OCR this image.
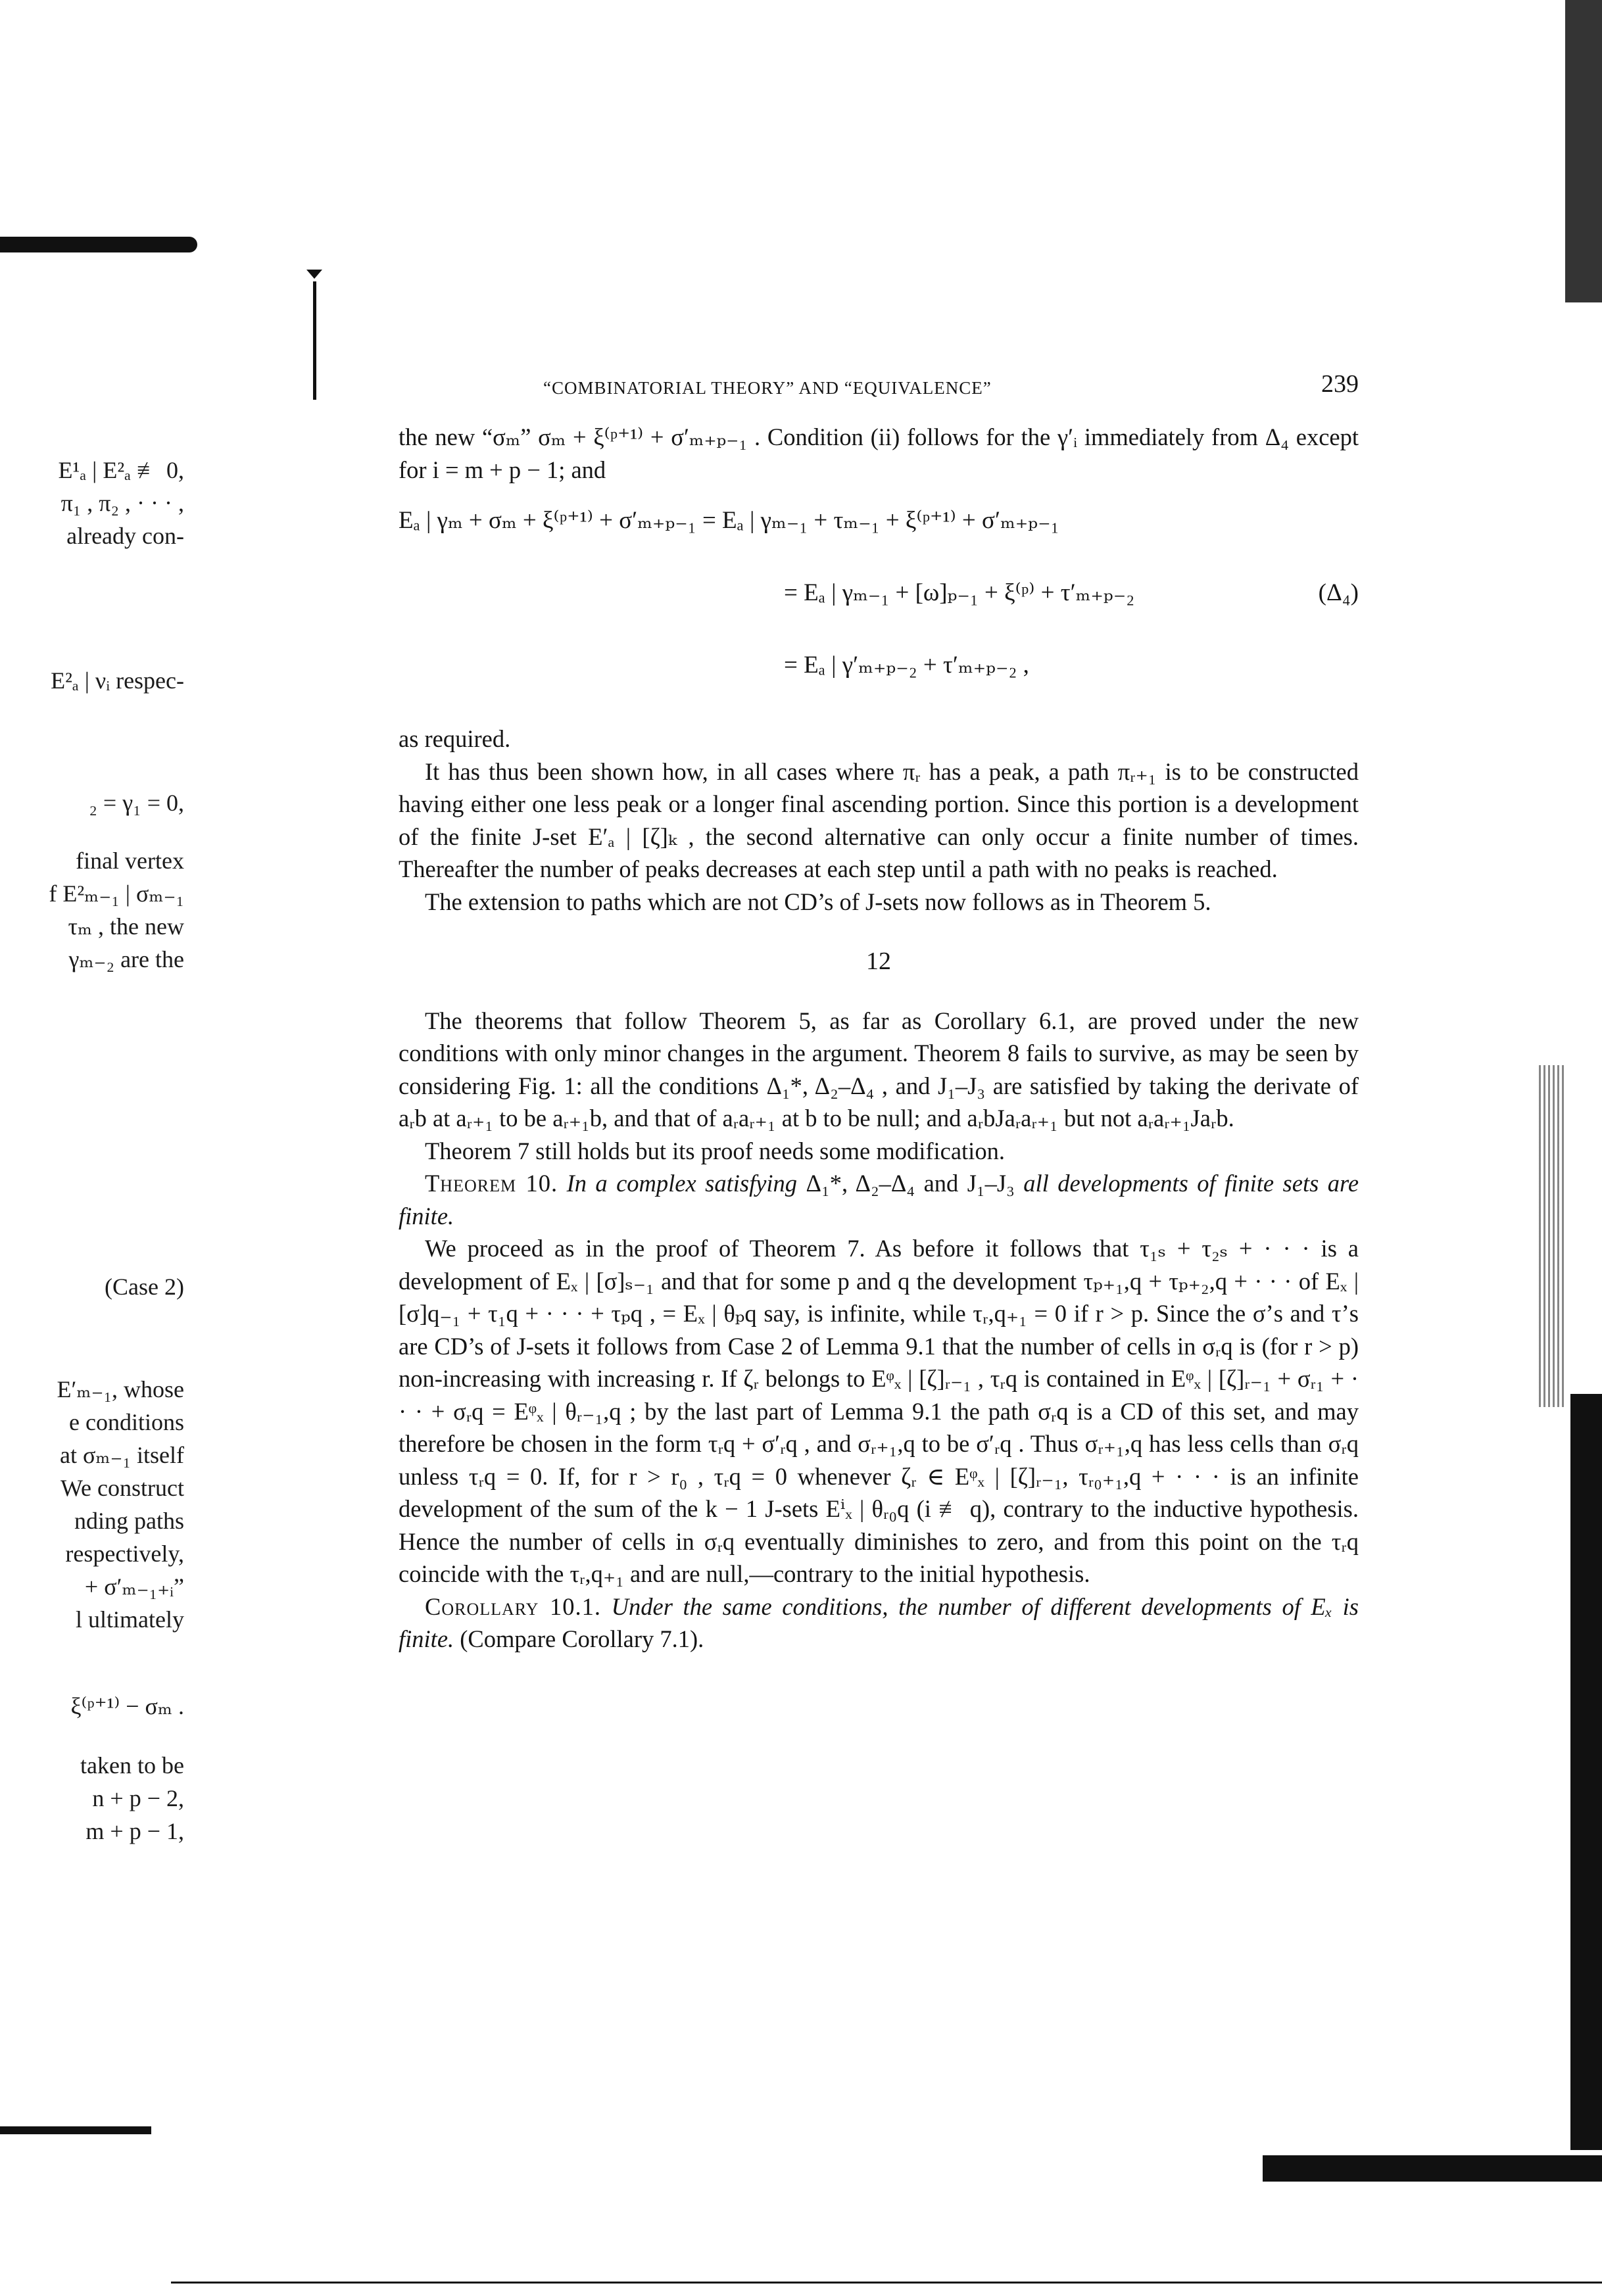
E¹ₐ | E²ₐ ≢ 0,
π₁ , π₂ , · · · ,
already con-
E²ₐ | νᵢ respec-
₂ = γ₁ = 0,
final vertex
f E²ₘ₋₁ | σₘ₋₁
τₘ , the new
γₘ₋₂ are the
(Case 2)
E′ₘ₋₁, whose
e conditions
at σₘ₋₁ itself
We construct
nding paths
respectively,
+ σ′ₘ₋₁₊ᵢ”
l ultimately
ξ⁽ᵖ⁺¹⁾ − σₘ .
taken to be
n + p − 2,
m + p − 1,
“COMBINATORIAL THEORY” AND “EQUIVALENCE”	239

the new “σₘ” σₘ + ξ⁽ᵖ⁺¹⁾ + σ′ₘ₊ₚ₋₁ . Condition (ii) follows for the γ′ᵢ immediately from Δ₄ except for i = m + p − 1; and

Eₐ | γₘ + σₘ + ξ⁽ᵖ⁺¹⁾ + σ′ₘ₊ₚ₋₁ = Eₐ | γₘ₋₁ + τₘ₋₁ + ξ⁽ᵖ⁺¹⁾ + σ′ₘ₊ₚ₋₁
= Eₐ | γₘ₋₁ + [ω]ₚ₋₁ + ξ⁽ᵖ⁾ + τ′ₘ₊ₚ₋₂	(Δ₄)
= Eₐ | γ′ₘ₊ₚ₋₂ + τ′ₘ₊ₚ₋₂ ,

as required.

It has thus been shown how, in all cases where πᵣ has a peak, a path πᵣ₊₁ is to be constructed having either one less peak or a longer final ascending portion. Since this portion is a development of the finite J-set E′ₐ | [ζ]ₖ , the second alternative can only occur a finite number of times. Thereafter the number of peaks decreases at each step until a path with no peaks is reached.

The extension to paths which are not CD’s of J-sets now follows as in Theorem 5.

12

The theorems that follow Theorem 5, as far as Corollary 6.1, are proved under the new conditions with only minor changes in the argument. Theorem 8 fails to survive, as may be seen by considering Fig. 1: all the conditions Δ₁*, Δ₂–Δ₄ , and J₁–J₃ are satisfied by taking the derivate of aᵣb at aᵣ₊₁ to be aᵣ₊₁b, and that of aᵣaᵣ₊₁ at b to be null; and aᵣbJaᵣaᵣ₊₁ but not aᵣaᵣ₊₁Jaᵣb.

Theorem 7 still holds but its proof needs some modification.

Theorem 10. In a complex satisfying Δ₁*, Δ₂–Δ₄ and J₁–J₃ all developments of finite sets are finite.

We proceed as in the proof of Theorem 7. As before it follows that τ₁ₛ + τ₂ₛ + · · · is a development of Eₓ | [σ]ₛ₋₁ and that for some p and q the development τₚ₊₁,q + τₚ₊₂,q + · · · of Eₓ | [σ]q₋₁ + τ₁q + · · · + τₚq , = Eₓ | θₚq say, is infinite, while τᵣ,q₊₁ = 0 if r > p. Since the σ’s and τ’s are CD’s of J-sets it follows from Case 2 of Lemma 9.1 that the number of cells in σᵣq is (for r > p) non-increasing with increasing r. If ζᵣ belongs to Eᵠₓ | [ζ]ᵣ₋₁ , τᵣq is contained in Eᵠₓ | [ζ]ᵣ₋₁ + σᵣ₁ + · · · + σᵣq = Eᵠₓ | θᵣ₋₁,q ; by the last part of Lemma 9.1 the path σᵣq is a CD of this set, and may therefore be chosen in the form τᵣq + σ′ᵣq , and σᵣ₊₁,q to be σ′ᵣq . Thus σᵣ₊₁,q has less cells than σᵣq unless τᵣq = 0. If, for r > r₀ , τᵣq = 0 whenever ζᵣ ∈ Eᵠₓ | [ζ]ᵣ₋₁, τᵣ₀₊₁,q + · · · is an infinite development of the sum of the k − 1 J-sets Eⁱₓ | θᵣ₀q (i ≢ q), contrary to the inductive hypothesis. Hence the number of cells in σᵣq eventually diminishes to zero, and from this point on the τᵣq coincide with the τᵣ,q₊₁ and are null,—contrary to the initial hypothesis.

Corollary 10.1. Under the same conditions, the number of different developments of Eₓ is finite. (Compare Corollary 7.1).
